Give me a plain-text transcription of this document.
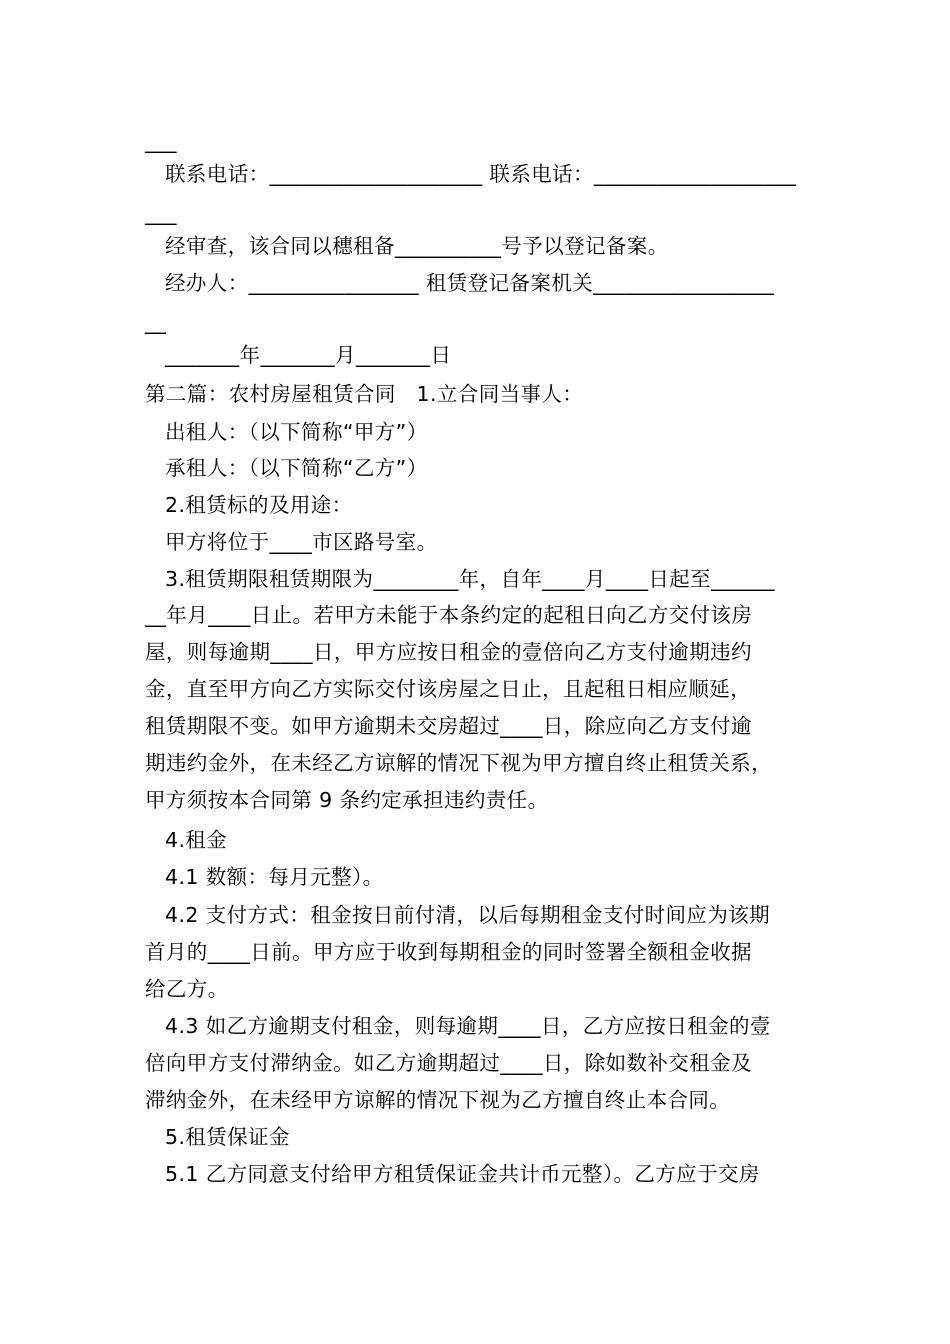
___
联系电话：____________________ 联系电话：___________________
___
经审查，该合同以穗租备__________号予以登记备案。
经办人：________________ 租赁登记备案机关_________________
__
_______年_______月_______日
第二篇：农村房屋租赁合同   1.立合同当事人：
出租人：（以下简称“甲方”）
承租人：（以下简称“乙方”）
2.租赁标的及用途：
甲方将位于____市区路号室。
3.租赁期限租赁期限为________年，自年____月____日起至______
__年月____日止。若甲方未能于本条约定的起租日向乙方交付该房
屋，则每逾期____日，甲方应按日租金的壹倍向乙方支付逾期违约
金，直至甲方向乙方实际交付该房屋之日止，且起租日相应顺延，
租赁期限不变。如甲方逾期未交房超过____日，除应向乙方支付逾
期违约金外，在未经乙方谅解的情况下视为甲方擅自终止租赁关系，
甲方须按本合同第 9 条约定承担违约责任。
4.租金
4.1 数额：每月元整）。
4.2 支付方式：租金按日前付清，以后每期租金支付时间应为该期
首月的____日前。甲方应于收到每期租金的同时签署全额租金收据
给乙方。
4.3 如乙方逾期支付租金，则每逾期____日，乙方应按日租金的壹
倍向甲方支付滞纳金。如乙方逾期超过____日，除如数补交租金及
滞纳金外，在未经甲方谅解的情况下视为乙方擅自终止本合同。
5.租赁保证金
5.1 乙方同意支付给甲方租赁保证金共计币元整）。乙方应于交房
